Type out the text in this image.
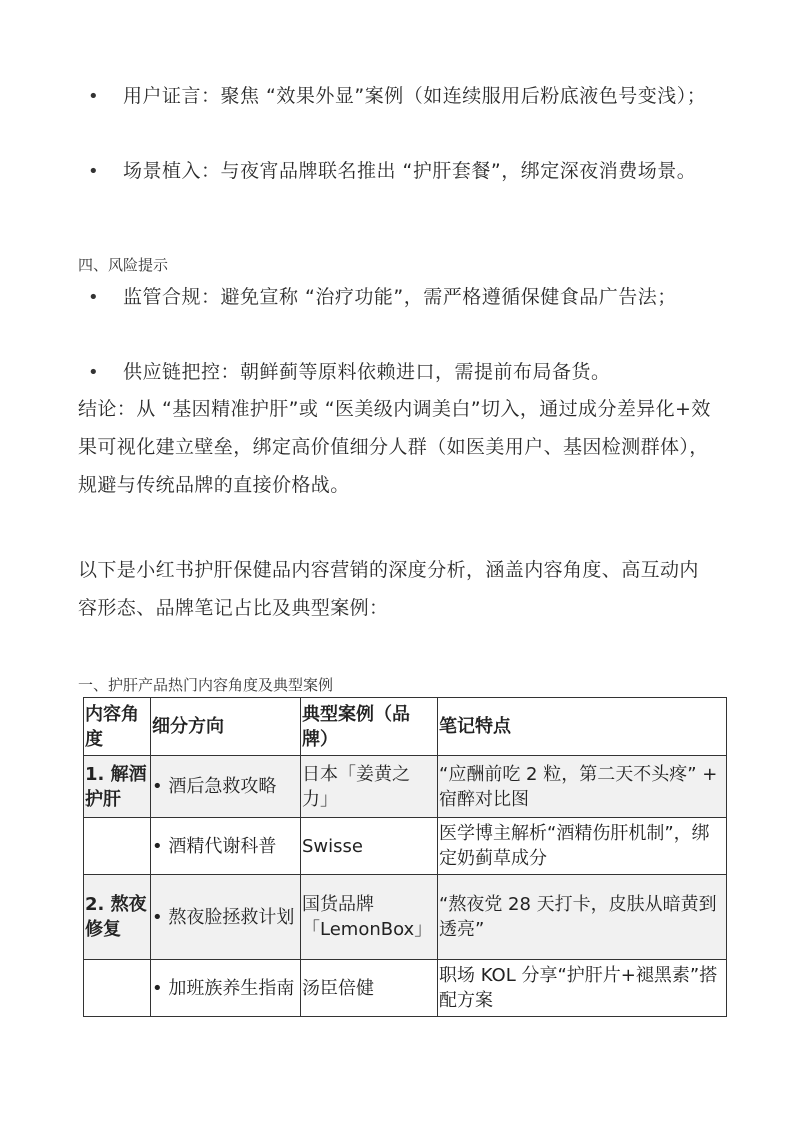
• 用户证言：聚焦 “效果外显”案例（如连续服用后粉底液色号变浅）；
• 场景植入：与夜宵品牌联名推出 “护肝套餐”，绑定深夜消费场景。
四、风险提示
• 监管合规：避免宣称 “治疗功能”，需严格遵循保健食品广告法；
• 供应链把控：朝鲜蓟等原料依赖进口，需提前布局备货。
结论：从 “基因精准护肝”或 “医美级内调美白”切入，通过成分差异化+效果可视化建立壁垒，绑定高价值细分人群（如医美用户、基因检测群体），规避与传统品牌的直接价格战。
以下是小红书护肝保健品内容营销的深度分析，涵盖内容角度、高互动内容形态、品牌笔记占比及典型案例：
一、护肝产品热门内容角度及典型案例
内容角度	细分方向	典型案例（品牌）	笔记特点
1. 解酒护肝	• 酒后急救攻略	日本「姜黄之力」	“应酬前吃 2 粒，第二天不头疼” + 宿醉对比图
	• 酒精代谢科普	Swisse	医学博主解析“酒精伤肝机制”，绑定奶蓟草成分
2. 熬夜修复	• 熬夜脸拯救计划	国货品牌「LemonBox」	“熬夜党 28 天打卡，皮肤从暗黄到透亮”
	• 加班族养生指南	汤臣倍健	职场 KOL 分享“护肝片+褪黑素”搭配方案
